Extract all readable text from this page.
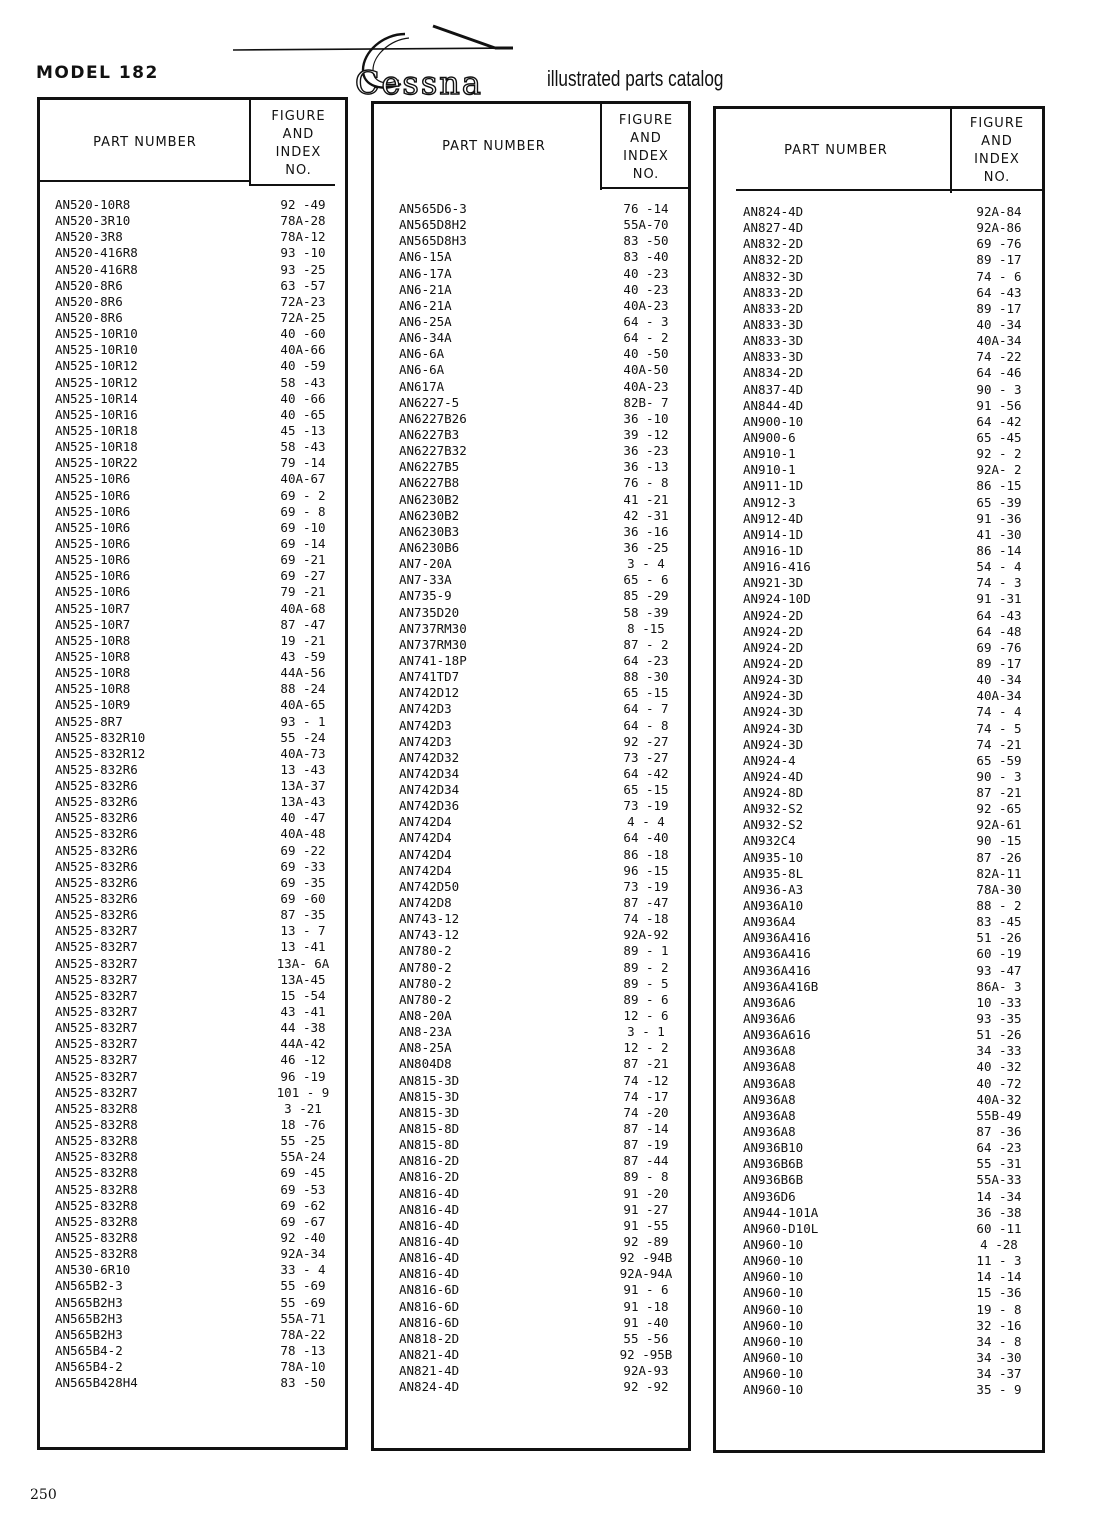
MODEL 182	Cessna	illustrated parts catalog
PART NUMBER
FIGURE
AND
INDEX
NO.
AN520-10R8	92 -49
AN520-3R10	78A-28
AN520-3R8	78A-12
AN520-416R8	93 -10
AN520-416R8	93 -25
AN520-8R6	63 -57
AN520-8R6	72A-23
AN520-8R6	72A-25
AN525-10R10	40 -60
AN525-10R10	40A-66
AN525-10R12	40 -59
AN525-10R12	58 -43
AN525-10R14	40 -66
AN525-10R16	40 -65
AN525-10R18	45 -13
AN525-10R18	58 -43
AN525-10R22	79 -14
AN525-10R6	40A-67
AN525-10R6	69 - 2
AN525-10R6	69 - 8
AN525-10R6	69 -10
AN525-10R6	69 -14
AN525-10R6	69 -21
AN525-10R6	69 -27
AN525-10R6	79 -21
AN525-10R7	40A-68
AN525-10R7	87 -47
AN525-10R8	19 -21
AN525-10R8	43 -59
AN525-10R8	44A-56
AN525-10R8	88 -24
AN525-10R9	40A-65
AN525-8R7	93 - 1
AN525-832R10	55 -24
AN525-832R12	40A-73
AN525-832R6	13 -43
AN525-832R6	13A-37
AN525-832R6	13A-43
AN525-832R6	40 -47
AN525-832R6	40A-48
AN525-832R6	69 -22
AN525-832R6	69 -33
AN525-832R6	69 -35
AN525-832R6	69 -60
AN525-832R6	87 -35
AN525-832R7	13 - 7
AN525-832R7	13 -41
AN525-832R7	13A- 6A
AN525-832R7	13A-45
AN525-832R7	15 -54
AN525-832R7	43 -41
AN525-832R7	44 -38
AN525-832R7	44A-42
AN525-832R7	46 -12
AN525-832R7	96 -19
AN525-832R7	101 - 9
AN525-832R8	3 -21
AN525-832R8	18 -76
AN525-832R8	55 -25
AN525-832R8	55A-24
AN525-832R8	69 -45
AN525-832R8	69 -53
AN525-832R8	69 -62
AN525-832R8	69 -67
AN525-832R8	92 -40
AN525-832R8	92A-34
AN530-6R10	33 - 4
AN565B2-3	55 -69
AN565B2H3	55 -69
AN565B2H3	55A-71
AN565B2H3	78A-22
AN565B4-2	78 -13
AN565B4-2	78A-10
AN565B428H4	83 -50
PART NUMBER
FIGURE
AND
INDEX
NO.
AN565D6-3	76 -14
AN565D8H2	55A-70
AN565D8H3	83 -50
AN6-15A	83 -40
AN6-17A	40 -23
AN6-21A	40 -23
AN6-21A	40A-23
AN6-25A	64 - 3
AN6-34A	64 - 2
AN6-6A	40 -50
AN6-6A	40A-50
AN617A	40A-23
AN6227-5	82B- 7
AN6227B26	36 -10
AN6227B3	39 -12
AN6227B32	36 -23
AN6227B5	36 -13
AN6227B8	76 - 8
AN6230B2	41 -21
AN6230B2	42 -31
AN6230B3	36 -16
AN6230B6	36 -25
AN7-20A	3 - 4
AN7-33A	65 - 6
AN735-9	85 -29
AN735D20	58 -39
AN737RM30	8 -15
AN737RM30	87 - 2
AN741-18P	64 -23
AN741TD7	88 -30
AN742D12	65 -15
AN742D3	64 - 7
AN742D3	64 - 8
AN742D3	92 -27
AN742D32	73 -27
AN742D34	64 -42
AN742D34	65 -15
AN742D36	73 -19
AN742D4	4 - 4
AN742D4	64 -40
AN742D4	86 -18
AN742D4	96 -15
AN742D50	73 -19
AN742D8	87 -47
AN743-12	74 -18
AN743-12	92A-92
AN780-2	89 - 1
AN780-2	89 - 2
AN780-2	89 - 5
AN780-2	89 - 6
AN8-20A	12 - 6
AN8-23A	3 - 1
AN8-25A	12 - 2
AN804D8	87 -21
AN815-3D	74 -12
AN815-3D	74 -17
AN815-3D	74 -20
AN815-8D	87 -14
AN815-8D	87 -19
AN816-2D	87 -44
AN816-2D	89 - 8
AN816-4D	91 -20
AN816-4D	91 -27
AN816-4D	91 -55
AN816-4D	92 -89
AN816-4D	92 -94B
AN816-4D	92A-94A
AN816-6D	91 - 6
AN816-6D	91 -18
AN816-6D	91 -40
AN818-2D	55 -56
AN821-4D	92 -95B
AN821-4D	92A-93
AN824-4D	92 -92
PART NUMBER
FIGURE
AND
INDEX
NO.
AN824-4D	92A-84
AN827-4D	92A-86
AN832-2D	69 -76
AN832-2D	89 -17
AN832-3D	74 - 6
AN833-2D	64 -43
AN833-2D	89 -17
AN833-3D	40 -34
AN833-3D	40A-34
AN833-3D	74 -22
AN834-2D	64 -46
AN837-4D	90 - 3
AN844-4D	91 -56
AN900-10	64 -42
AN900-6	65 -45
AN910-1	92 - 2
AN910-1	92A- 2
AN911-1D	86 -15
AN912-3	65 -39
AN912-4D	91 -36
AN914-1D	41 -30
AN916-1D	86 -14
AN916-416	54 - 4
AN921-3D	74 - 3
AN924-10D	91 -31
AN924-2D	64 -43
AN924-2D	64 -48
AN924-2D	69 -76
AN924-2D	89 -17
AN924-3D	40 -34
AN924-3D	40A-34
AN924-3D	74 - 4
AN924-3D	74 - 5
AN924-3D	74 -21
AN924-4	65 -59
AN924-4D	90 - 3
AN924-8D	87 -21
AN932-S2	92 -65
AN932-S2	92A-61
AN932C4	90 -15
AN935-10	87 -26
AN935-8L	82A-11
AN936-A3	78A-30
AN936A10	88 - 2
AN936A4	83 -45
AN936A416	51 -26
AN936A416	60 -19
AN936A416	93 -47
AN936A416B	86A- 3
AN936A6	10 -33
AN936A6	93 -35
AN936A616	51 -26
AN936A8	34 -33
AN936A8	40 -32
AN936A8	40 -72
AN936A8	40A-32
AN936A8	55B-49
AN936A8	87 -36
AN936B10	64 -23
AN936B6B	55 -31
AN936B6B	55A-33
AN936D6	14 -34
AN944-101A	36 -38
AN960-D10L	60 -11
AN960-10	4 -28
AN960-10	11 - 3
AN960-10	14 -14
AN960-10	15 -36
AN960-10	19 - 8
AN960-10	32 -16
AN960-10	34 - 8
AN960-10	34 -30
AN960-10	34 -37
AN960-10	35 - 9
250
